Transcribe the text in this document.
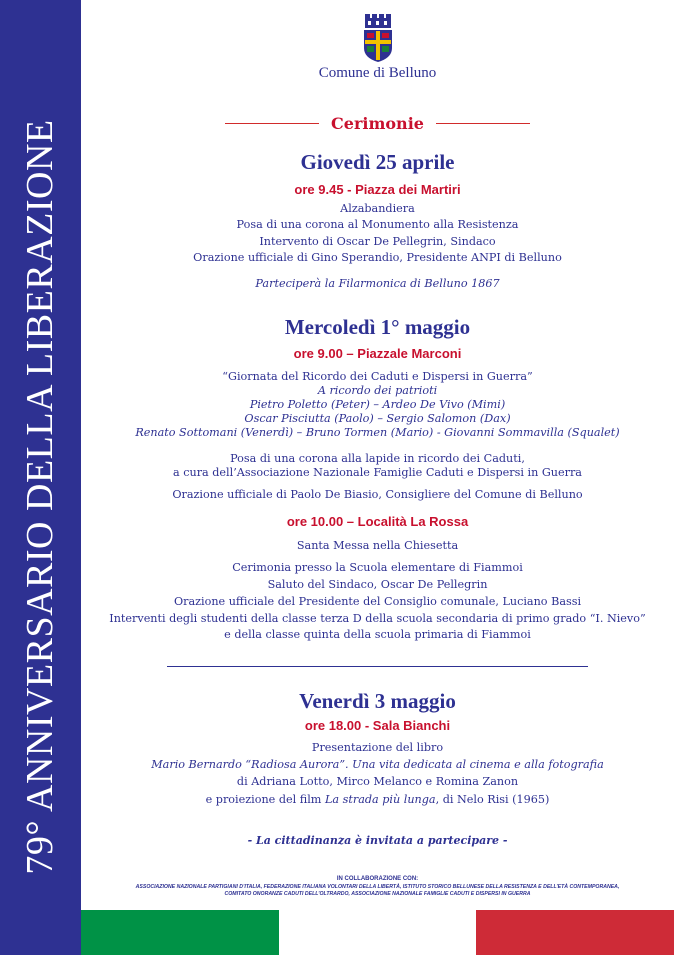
79° ANNIVERSARIO DELLA LIBERAZIONE
Comune di Belluno
Cerimonie
Giovedì 25 aprile
ore 9.45 - Piazza dei Martiri
Alzabandiera
Posa di una corona al Monumento alla Resistenza
Intervento di Oscar De Pellegrin, Sindaco
Orazione ufficiale di Gino Sperandio, Presidente ANPI di Belluno
Parteciperà la Filarmonica di Belluno 1867
Mercoledì 1° maggio
ore 9.00 – Piazzale Marconi
“Giornata del Ricordo dei Caduti e Dispersi in Guerra”
A ricordo dei patrioti
Pietro Poletto (Peter) – Ardeo De Vivo (Mimi)
Oscar Pisciutta (Paolo) – Sergio Salomon (Dax)
Renato Sottomani (Venerdì) – Bruno Tormen (Mario) - Giovanni Sommavilla (Squalet)
Posa di una corona alla lapide in ricordo dei Caduti,
a cura dell’Associazione Nazionale Famiglie Caduti e Dispersi in Guerra
Orazione ufficiale di Paolo De Biasio, Consigliere del Comune di Belluno
ore 10.00 – Località La Rossa
Santa Messa nella Chiesetta
Cerimonia presso la Scuola elementare di Fiammoi
Saluto del Sindaco, Oscar De Pellegrin
Orazione ufficiale del Presidente del Consiglio comunale, Luciano Bassi
Interventi degli studenti della classe terza D della scuola secondaria di primo grado “I. Nievo”
e della classe quinta della scuola primaria di Fiammoi
Venerdì 3 maggio
ore 18.00 - Sala Bianchi
Presentazione del libro
Mario Bernardo “Radiosa Aurora”. Una vita dedicata al cinema e alla fotografia
di Adriana Lotto, Mirco Melanco e Romina Zanon
e proiezione del film La strada più lunga, di Nelo Risi (1965)
- La cittadinanza è invitata a partecipare -
IN COLLABORAZIONE CON:
ASSOCIAZIONE NAZIONALE PARTIGIANI D’ITALIA, FEDERAZIONE ITALIANA VOLONTARI DELLA LIBERTÀ, ISTITUTO STORICO BELLUNESE DELLA RESISTENZA E DELL’ETÀ CONTEMPORANEA,
COMITATO ONORANZE CADUTI DELL’OLTRARDO, ASSOCIAZIONE NAZIONALE FAMIGLIE CADUTI E DISPERSI IN GUERRA
